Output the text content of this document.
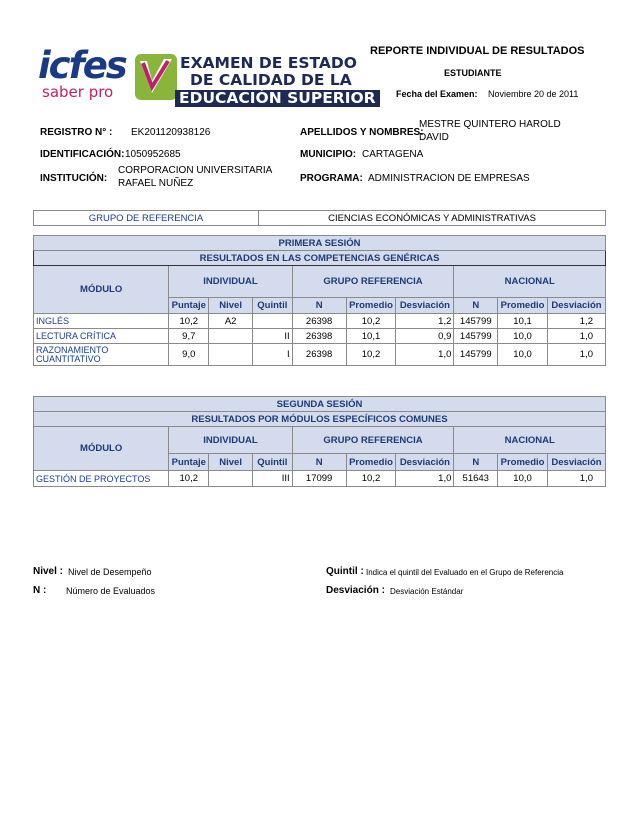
icfes
saber pro
EXAMEN DE ESTADO
DE CALIDAD DE LA
EDUCACIÓN SUPERIOR
REPORTE INDIVIDUAL DE RESULTADOS
ESTUDIANTE
Fecha del Examen: Noviembre 20 de 2011
REGISTRO N° : EK201120938126	APELLIDOS Y NOMBRES:
MESTRE QUINTERO HAROLD
DAVID
IDENTIFICACIÓN: 1050952685	MUNICIPIO: CARTAGENA
INSTITUCIÓN:
CORPORACION UNIVERSITARIA
RAFAEL NUÑEZ	PROGRAMA: ADMINISTRACION DE EMPRESAS
GRUPO DE REFERENCIA	CIENCIAS ECONÓMICAS Y ADMINISTRATIVAS
PRIMERA SESIÓN									
RESULTADOS EN LAS COMPETENCIAS GENÉRICAS									
MÓDULO	INDIVIDUAL			GRUPO REFERENCIA			NACIONAL		
	Puntaje	Nivel	Quintil	N	Promedio	Desviación	N	Promedio	Desviación
INGLÉS	10,2	A2		26398	10,2	1,2	145799	10,1	1,2
LECTURA CRÍTICA	9,7		II	26398	10,1	0,9	145799	10,0	1,0

RAZONAMIENTO
CUANTITATIVO	9,0		I	26398	10,2	1,0	145799	10,0	1,0
SEGUNDA SESIÓN									
RESULTADOS POR MÓDULOS ESPECÍFICOS COMUNES									
MÓDULO	INDIVIDUAL			GRUPO REFERENCIA			NACIONAL		
	Puntaje	Nivel	Quintil	N	Promedio	Desviación	N	Promedio	Desviación
GESTIÓN DE PROYECTOS	10,2		III	17099	10,2	1,0	51643	10,0	1,0
Nivel : Nivel de Desempeño
N : Número de Evaluados
Quintil : Indica el quintil del Evaluado en el Grupo de Referencia
Desviación : Desviación Estándar
